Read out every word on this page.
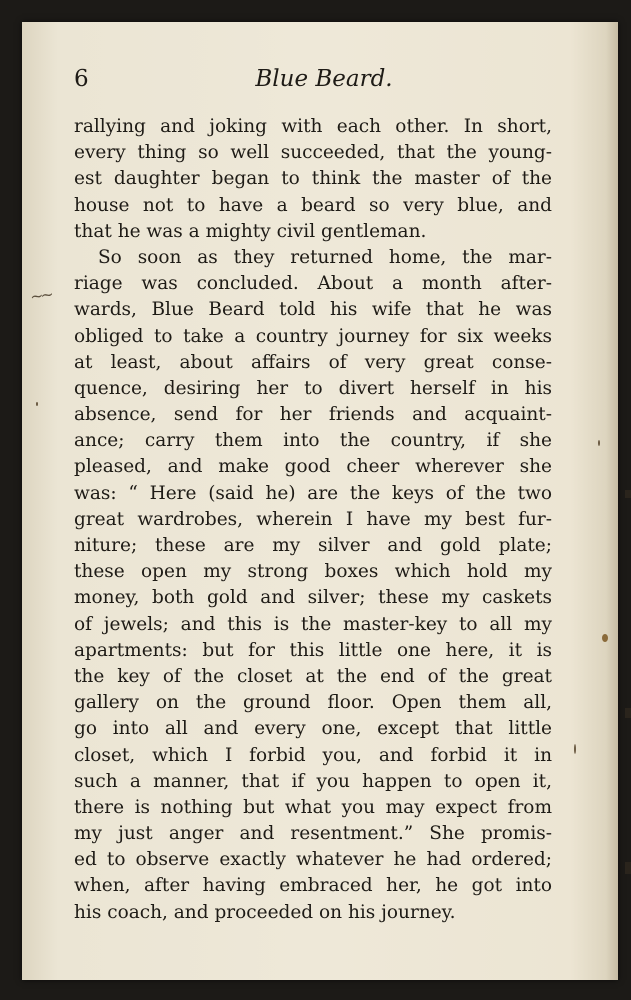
6	Blue Beard.
~~
rallying and joking with each other. In short,
every thing so well succeeded, that the young-
est daughter began to think the master of the
house not to have a beard so very blue, and
that he was a mighty civil gentleman.
So soon as they returned home, the mar-
riage was concluded. About a month after-
wards, Blue Beard told his wife that he was
obliged to take a country journey for six weeks
at least, about affairs of very great conse-
quence, desiring her to divert herself in his
absence, send for her friends and acquaint-
ance; carry them into the country, if she
pleased, and make good cheer wherever she
was: “ Here (said he) are the keys of the two
great wardrobes, wherein I have my best fur-
niture; these are my silver and gold plate;
these open my strong boxes which hold my
money, both gold and silver; these my caskets
of jewels; and this is the master-key to all my
apartments: but for this little one here, it is
the key of the closet at the end of the great
gallery on the ground floor. Open them all,
go into all and every one, except that little
closet, which I forbid you, and forbid it in
such a manner, that if you happen to open it,
there is nothing but what you may expect from
my just anger and resentment.” She promis-
ed to observe exactly whatever he had ordered;
when, after having embraced her, he got into
his coach, and proceeded on his journey.
